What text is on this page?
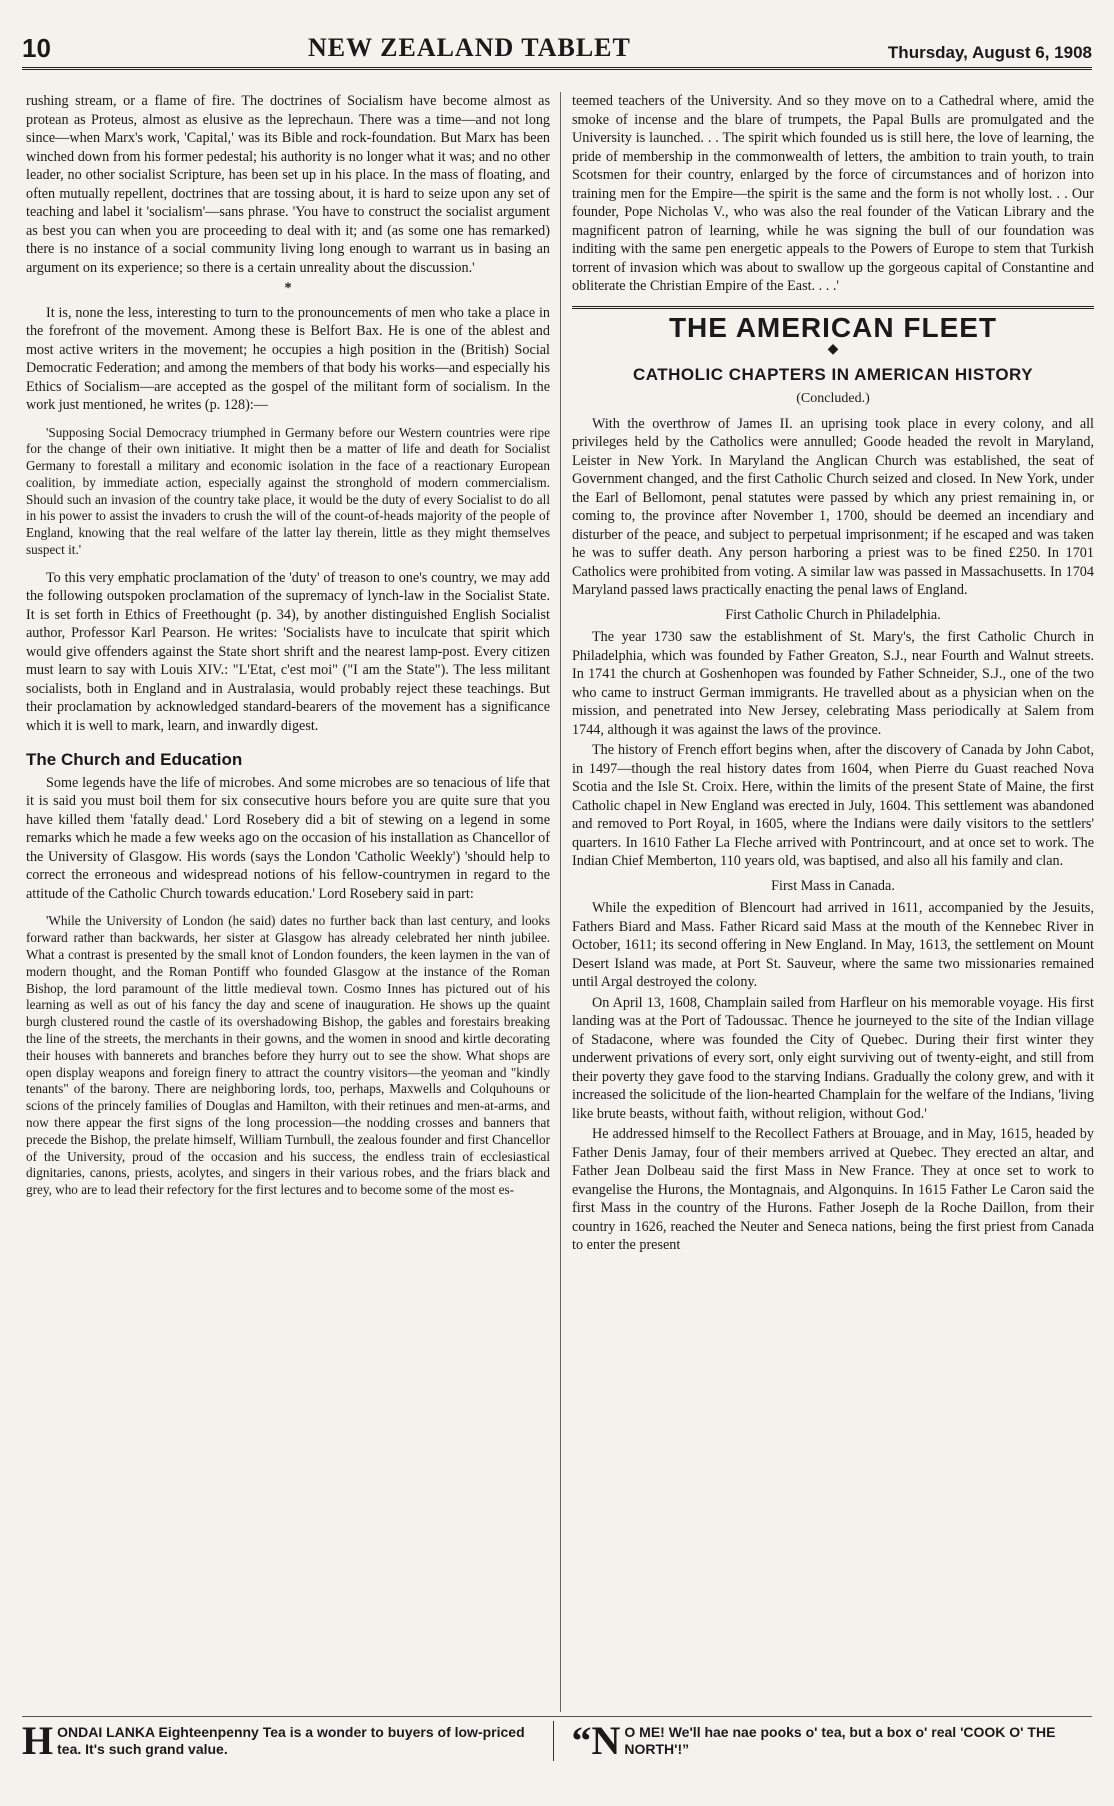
10	NEW ZEALAND TABLET	Thursday, August 6, 1908

rushing stream, or a flame of fire. The doctrines of Socialism have become almost as protean as Proteus, almost as elusive as the leprechaun. There was a time—and not long since—when Marx's work, 'Capital,' was its Bible and rock-foundation. But Marx has been winched down from his former pedestal; his authority is no longer what it was; and no other leader, no other socialist Scripture, has been set up in his place. In the mass of floating, and often mutually repellent, doctrines that are tossing about, it is hard to seize upon any set of teaching and label it 'socialism'—sans phrase. 'You have to construct the socialist argument as best you can when you are proceeding to deal with it; and (as some one has remarked) there is no instance of a social community living long enough to warrant us in basing an argument on its experience; so there is a certain unreality about the discussion.'

*

It is, none the less, interesting to turn to the pronouncements of men who take a place in the forefront of the movement. Among these is Belfort Bax. He is one of the ablest and most active writers in the movement; he occupies a high position in the (British) Social Democratic Federation; and among the members of that body his works—and especially his Ethics of Socialism—are accepted as the gospel of the militant form of socialism. In the work just mentioned, he writes (p. 128):—

'Supposing Social Democracy triumphed in Germany before our Western countries were ripe for the change of their own initiative. It might then be a matter of life and death for Socialist Germany to forestall a military and economic isolation in the face of a reactionary European coalition, by immediate action, especially against the stronghold of modern commercialism. Should such an invasion of the country take place, it would be the duty of every Socialist to do all in his power to assist the invaders to crush the will of the count-of-heads majority of the people of England, knowing that the real welfare of the latter lay therein, little as they might themselves suspect it.'

To this very emphatic proclamation of the 'duty' of treason to one's country, we may add the following outspoken proclamation of the supremacy of lynch-law in the Socialist State. It is set forth in Ethics of Freethought (p. 34), by another distinguished English Socialist author, Professor Karl Pearson. He writes: 'Socialists have to inculcate that spirit which would give offenders against the State short shrift and the nearest lamp-post. Every citizen must learn to say with Louis XIV.: "L'Etat, c'est moi" ("I am the State"). The less militant socialists, both in England and in Australasia, would probably reject these teachings. But their proclamation by acknowledged standard-bearers of the movement has a significance which it is well to mark, learn, and inwardly digest.

The Church and Education

Some legends have the life of microbes. And some microbes are so tenacious of life that it is said you must boil them for six consecutive hours before you are quite sure that you have killed them 'fatally dead.' Lord Rosebery did a bit of stewing on a legend in some remarks which he made a few weeks ago on the occasion of his installation as Chancellor of the University of Glasgow. His words (says the London 'Catholic Weekly') 'should help to correct the erroneous and widespread notions of his fellow-countrymen in regard to the attitude of the Catholic Church towards education.' Lord Rosebery said in part:

'While the University of London (he said) dates no further back than last century, and looks forward rather than backwards, her sister at Glasgow has already celebrated her ninth jubilee. What a contrast is presented by the small knot of London founders, the keen laymen in the van of modern thought, and the Roman Pontiff who founded Glasgow at the instance of the Roman Bishop, the lord paramount of the little medieval town. Cosmo Innes has pictured out of his learning as well as out of his fancy the day and scene of inauguration. He shows up the quaint burgh clustered round the castle of its overshadowing Bishop, the gables and forestairs breaking the line of the streets, the merchants in their gowns, and the women in snood and kirtle decorating their houses with bannerets and branches before they hurry out to see the show. What shops are open display weapons and foreign finery to attract the country visitors—the yeoman and "kindly tenants" of the barony. There are neighboring lords, too, perhaps, Maxwells and Colquhouns or scions of the princely families of Douglas and Hamilton, with their retinues and men-at-arms, and now there appear the first signs of the long procession—the nodding crosses and banners that precede the Bishop, the prelate himself, William Turnbull, the zealous founder and first Chancellor of the University, proud of the occasion and his success, the endless train of ecclesiastical dignitaries, canons, priests, acolytes, and singers in their various robes, and the friars black and grey, who are to lead their refectory for the first lectures and to become some of the most es-

teemed teachers of the University. And so they move on to a Cathedral where, amid the smoke of incense and the blare of trumpets, the Papal Bulls are promulgated and the University is launched. . . The spirit which founded us is still here, the love of learning, the pride of membership in the commonwealth of letters, the ambition to train youth, to train Scotsmen for their country, enlarged by the force of circumstances and of horizon into training men for the Empire—the spirit is the same and the form is not wholly lost. . . Our founder, Pope Nicholas V., who was also the real founder of the Vatican Library and the magnificent patron of learning, while he was signing the bull of our foundation was inditing with the same pen energetic appeals to the Powers of Europe to stem that Turkish torrent of invasion which was about to swallow up the gorgeous capital of Constantine and obliterate the Christian Empire of the East. . . .'

THE AMERICAN FLEET
◆
CATHOLIC CHAPTERS IN AMERICAN HISTORY
(Concluded.)

With the overthrow of James II. an uprising took place in every colony, and all privileges held by the Catholics were annulled; Goode headed the revolt in Maryland, Leister in New York. In Maryland the Anglican Church was established, the seat of Government changed, and the first Catholic Church seized and closed. In New York, under the Earl of Bellomont, penal statutes were passed by which any priest remaining in, or coming to, the province after November 1, 1700, should be deemed an incendiary and disturber of the peace, and subject to perpetual imprisonment; if he escaped and was taken he was to suffer death. Any person harboring a priest was to be fined £250. In 1701 Catholics were prohibited from voting. A similar law was passed in Massachusetts. In 1704 Maryland passed laws practically enacting the penal laws of England.

First Catholic Church in Philadelphia.

The year 1730 saw the establishment of St. Mary's, the first Catholic Church in Philadelphia, which was founded by Father Greaton, S.J., near Fourth and Walnut streets. In 1741 the church at Goshenhopen was founded by Father Schneider, S.J., one of the two who came to instruct German immigrants. He travelled about as a physician when on the mission, and penetrated into New Jersey, celebrating Mass periodically at Salem from 1744, although it was against the laws of the province.

The history of French effort begins when, after the discovery of Canada by John Cabot, in 1497—though the real history dates from 1604, when Pierre du Guast reached Nova Scotia and the Isle St. Croix. Here, within the limits of the present State of Maine, the first Catholic chapel in New England was erected in July, 1604. This settlement was abandoned and removed to Port Royal, in 1605, where the Indians were daily visitors to the settlers' quarters. In 1610 Father La Fleche arrived with Pontrincourt, and at once set to work. The Indian Chief Memberton, 110 years old, was baptised, and also all his family and clan.

First Mass in Canada.

While the expedition of Blencourt had arrived in 1611, accompanied by the Jesuits, Fathers Biard and Mass. Father Ricard said Mass at the mouth of the Kennebec River in October, 1611; its second offering in New England. In May, 1613, the settlement on Mount Desert Island was made, at Port St. Sauveur, where the same two missionaries remained until Argal destroyed the colony.

On April 13, 1608, Champlain sailed from Harfleur on his memorable voyage. His first landing was at the Port of Tadoussac. Thence he journeyed to the site of the Indian village of Stadacone, where was founded the City of Quebec. During their first winter they underwent privations of every sort, only eight surviving out of twenty-eight, and still from their poverty they gave food to the starving Indians. Gradually the colony grew, and with it increased the solicitude of the lion-hearted Champlain for the welfare of the Indians, 'living like brute beasts, without faith, without religion, without God.'

He addressed himself to the Recollect Fathers at Brouage, and in May, 1615, headed by Father Denis Jamay, four of their members arrived at Quebec. They erected an altar, and Father Jean Dolbeau said the first Mass in New France. They at once set to work to evangelise the Hurons, the Montagnais, and Algonquins. In 1615 Father Le Caron said the first Mass in the country of the Hurons. Father Joseph de la Roche Daillon, from their country in 1626, reached the Neuter and Seneca nations, being the first priest from Canada to enter the present

H ONDAI LANKA Eighteenpenny Tea is a wonder to buyers of low-priced tea. It's such grand value.	“N O ME! We'll hae nae pooks o' tea, but a box o' real 'COOK O' THE NORTH'!”
